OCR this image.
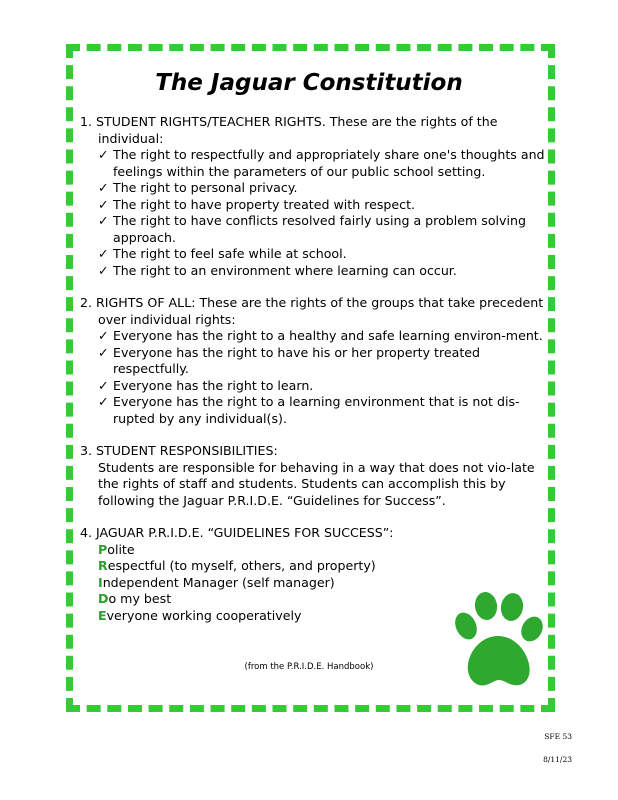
The Jaguar Constitution

1. STUDENT RIGHTS/TEACHER RIGHTS. These are the rights of the individual:

✓ The right to respectfully and appropriately share one's thoughts and feelings within the parameters of our public school setting.
✓ The right to personal privacy.
✓ The right to have property treated with respect.
✓ The right to have conflicts resolved fairly using a problem solving approach.
✓ The right to feel safe while at school.
✓ The right to an environment where learning can occur.

2. RIGHTS OF ALL: These are the rights of the groups that take precedent over individual rights:

✓ Everyone has the right to a healthy and safe learning environ-ment.
✓ Everyone has the right to have his or her property treated respectfully.
✓ Everyone has the right to learn.
✓ Everyone has the right to a learning environment that is not dis-rupted by any individual(s).

3. STUDENT RESPONSIBILITIES:

Students are responsible for behaving in a way that does not vio-late the rights of staff and students. Students can accomplish this by following the Jaguar P.R.I.D.E. “Guidelines for Success”.

4. JAGUAR P.R.I.D.E. “GUIDELINES FOR SUCCESS”:

Polite
Respectful (to myself, others, and property)
Independent Manager (self manager)
Do my best
Everyone working cooperatively
(from the P.R.I.D.E. Handbook)
SFE 53
8/11/23
